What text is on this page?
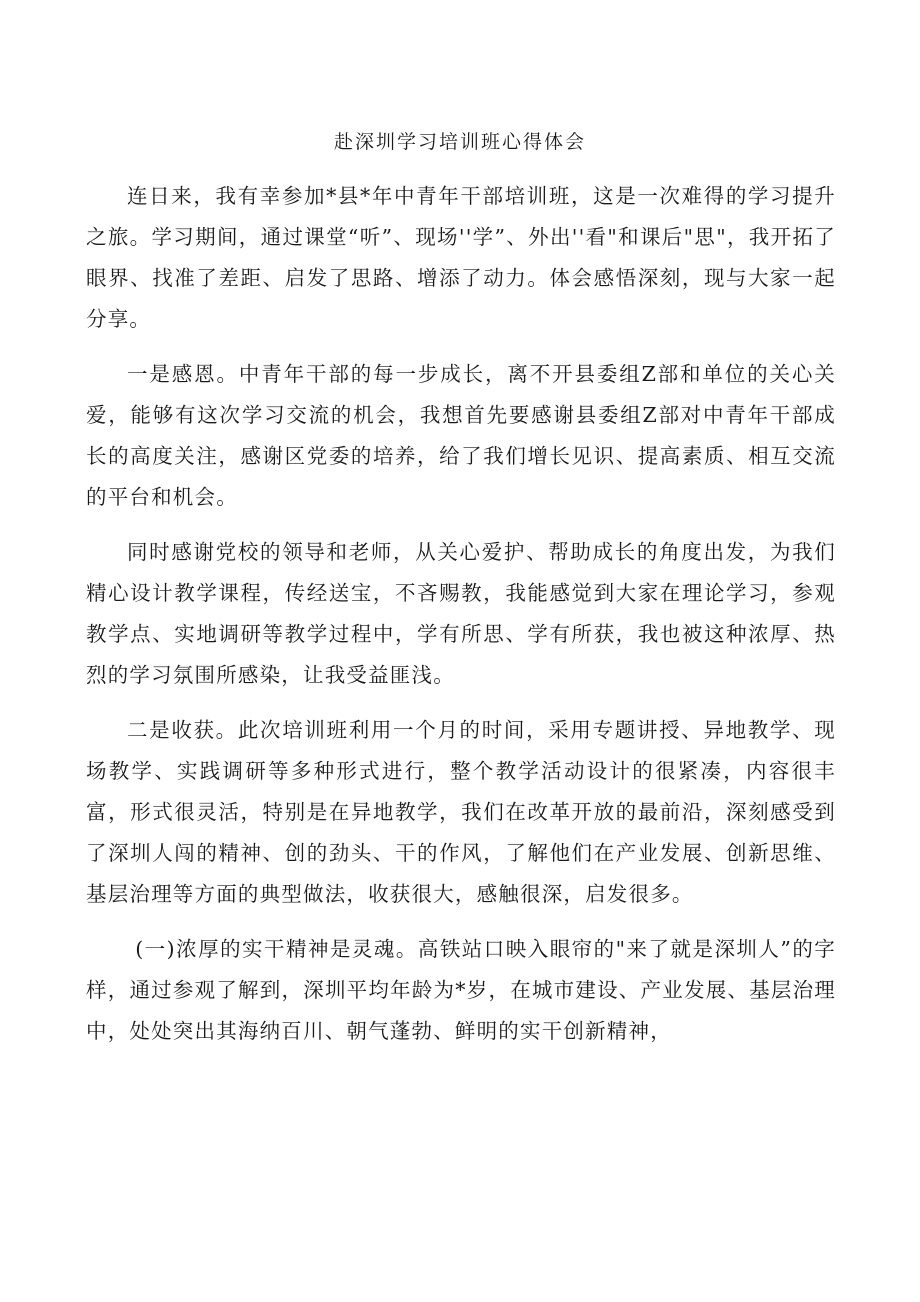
赴深圳学习培训班心得体会

连日来，我有幸参加*县*年中青年干部培训班，这是一次难得的学习提升之旅。学习期间，通过课堂“听”、现场''学”、外出''看"和课后"思"，我开拓了眼界、找准了差距、启发了思路、增添了动力。体会感悟深刻，现与大家一起分享。

一是感恩。中青年干部的每一步成长，离不开县委组Z部和单位的关心关爱，能够有这次学习交流的机会，我想首先要感谢县委组Z部对中青年干部成长的高度关注，感谢区党委的培养，给了我们增长见识、提高素质、相互交流的平台和机会。

同时感谢党校的领导和老师，从关心爱护、帮助成长的角度出发，为我们精心设计教学课程，传经送宝，不吝赐教，我能感觉到大家在理论学习，参观教学点、实地调研等教学过程中，学有所思、学有所获，我也被这种浓厚、热烈的学习氛围所感染，让我受益匪浅。

二是收获。此次培训班利用一个月的时间，采用专题讲授、异地教学、现场教学、实践调研等多种形式进行，整个教学活动设计的很紧凑，内容很丰富，形式很灵活，特别是在异地教学，我们在改革开放的最前沿，深刻感受到了深圳人闯的精神、创的劲头、干的作风，了解他们在产业发展、创新思维、基层治理等方面的典型做法，收获很大，感触很深，启发很多。

(一)浓厚的实干精神是灵魂。高铁站口映入眼帘的"来了就是深圳人”的字样，通过参观了解到，深圳平均年龄为*岁，在城市建设、产业发展、基层治理中，处处突出其海纳百川、朝气蓬勃、鲜明的实干创新精神，
